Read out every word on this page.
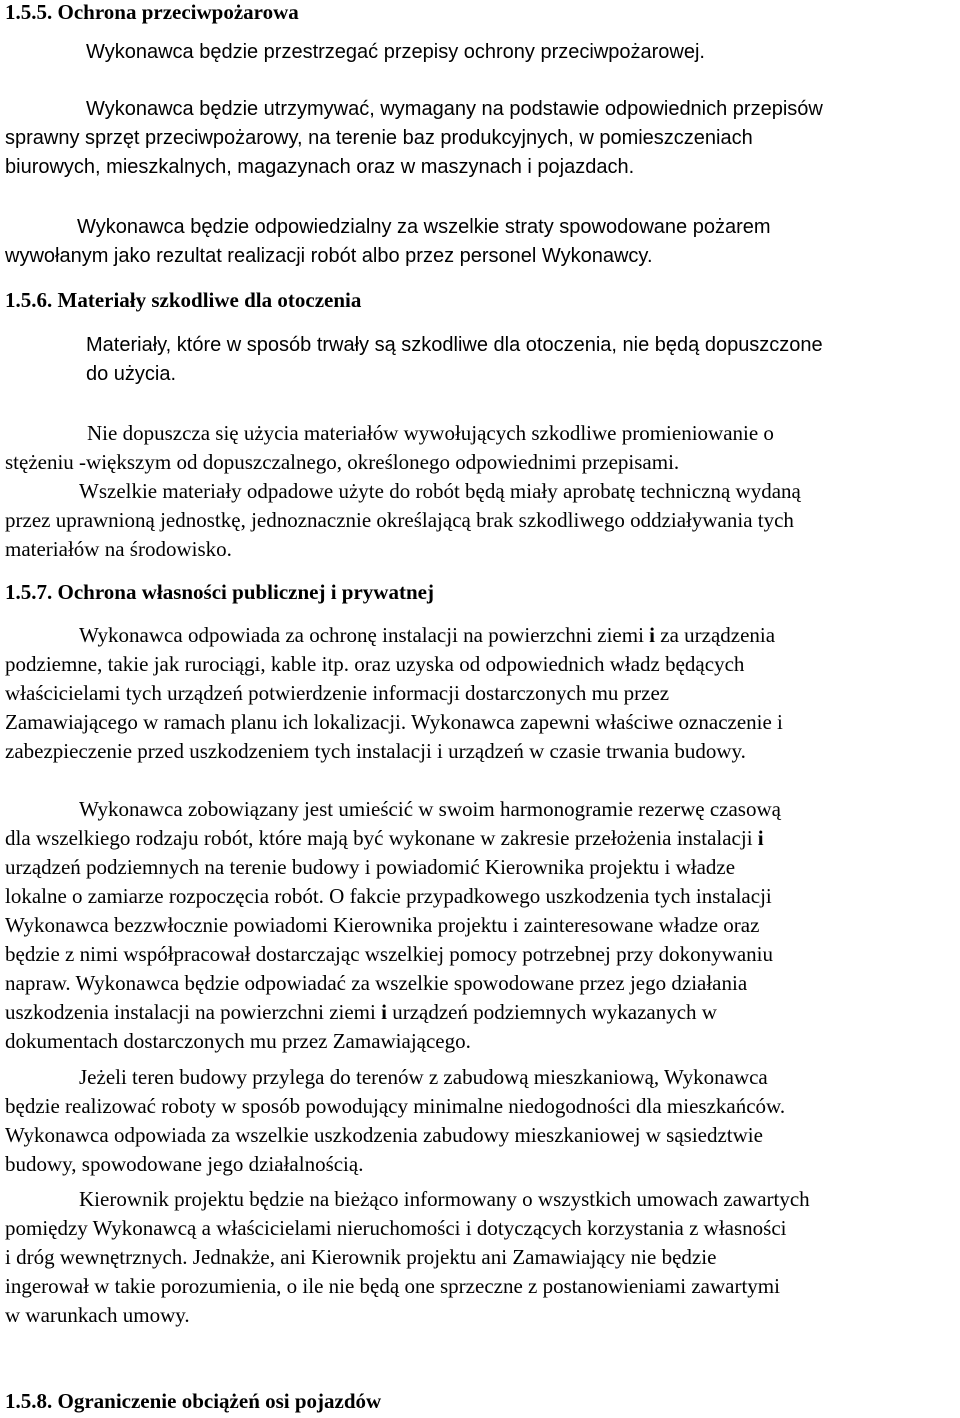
1.5.5. Ochrona przeciwpożarowa
Wykonawca będzie przestrzegać przepisy ochrony przeciwpożarowej.
Wykonawca będzie utrzymywać, wymagany na podstawie odpowiednich przepisów
sprawny sprzęt przeciwpożarowy, na terenie baz produkcyjnych, w pomieszczeniach
biurowych, mieszkalnych, magazynach oraz w maszynach i pojazdach.
Wykonawca będzie odpowiedzialny za wszelkie straty spowodowane pożarem
wywołanym jako rezultat realizacji robót albo przez personel Wykonawcy.
1.5.6. Materiały szkodliwe dla otoczenia
Materiały, które w sposób trwały są szkodliwe dla otoczenia, nie będą dopuszczone
do użycia.
Nie dopuszcza się użycia materiałów wywołujących szkodliwe promieniowanie o
stężeniu -większym od dopuszczalnego, określonego odpowiednimi przepisami.
Wszelkie materiały odpadowe użyte do robót będą miały aprobatę techniczną wydaną
przez uprawnioną jednostkę, jednoznacznie określającą brak szkodliwego oddziaływania tych
materiałów na środowisko.
1.5.7. Ochrona własności publicznej i prywatnej
Wykonawca odpowiada za ochronę instalacji na powierzchni ziemi i za urządzenia
podziemne, takie jak rurociągi, kable itp. oraz uzyska od odpowiednich władz będących
właścicielami tych urządzeń potwierdzenie informacji dostarczonych mu przez
Zamawiającego w ramach planu ich lokalizacji. Wykonawca zapewni właściwe oznaczenie i
zabezpieczenie przed uszkodzeniem tych instalacji i urządzeń w czasie trwania budowy.
Wykonawca zobowiązany jest umieścić w swoim harmonogramie rezerwę czasową
dla wszelkiego rodzaju robót, które mają być wykonane w zakresie przełożenia instalacji i
urządzeń podziemnych na terenie budowy i powiadomić Kierownika projektu i władze
lokalne o zamiarze rozpoczęcia robót. O fakcie przypadkowego uszkodzenia tych instalacji
Wykonawca bezzwłocznie powiadomi Kierownika projektu i zainteresowane władze oraz
będzie z nimi współpracował dostarczając wszelkiej pomocy potrzebnej przy dokonywaniu
napraw. Wykonawca będzie odpowiadać za wszelkie spowodowane przez jego działania
uszkodzenia instalacji na powierzchni ziemi i urządzeń podziemnych wykazanych w
dokumentach dostarczonych mu przez Zamawiającego.
Jeżeli teren budowy przylega do terenów z zabudową mieszkaniową, Wykonawca
będzie realizować roboty w sposób powodujący minimalne niedogodności dla mieszkańców.
Wykonawca odpowiada za wszelkie uszkodzenia zabudowy mieszkaniowej w sąsiedztwie
budowy, spowodowane jego działalnością.
Kierownik projektu będzie na bieżąco informowany o wszystkich umowach zawartych
pomiędzy Wykonawcą a właścicielami nieruchomości i dotyczących korzystania z własności
i dróg wewnętrznych. Jednakże, ani Kierownik projektu ani Zamawiający nie będzie
ingerował w takie porozumienia, o ile nie będą one sprzeczne z postanowieniami zawartymi
w warunkach umowy.
1.5.8. Ograniczenie obciążeń osi pojazdów
